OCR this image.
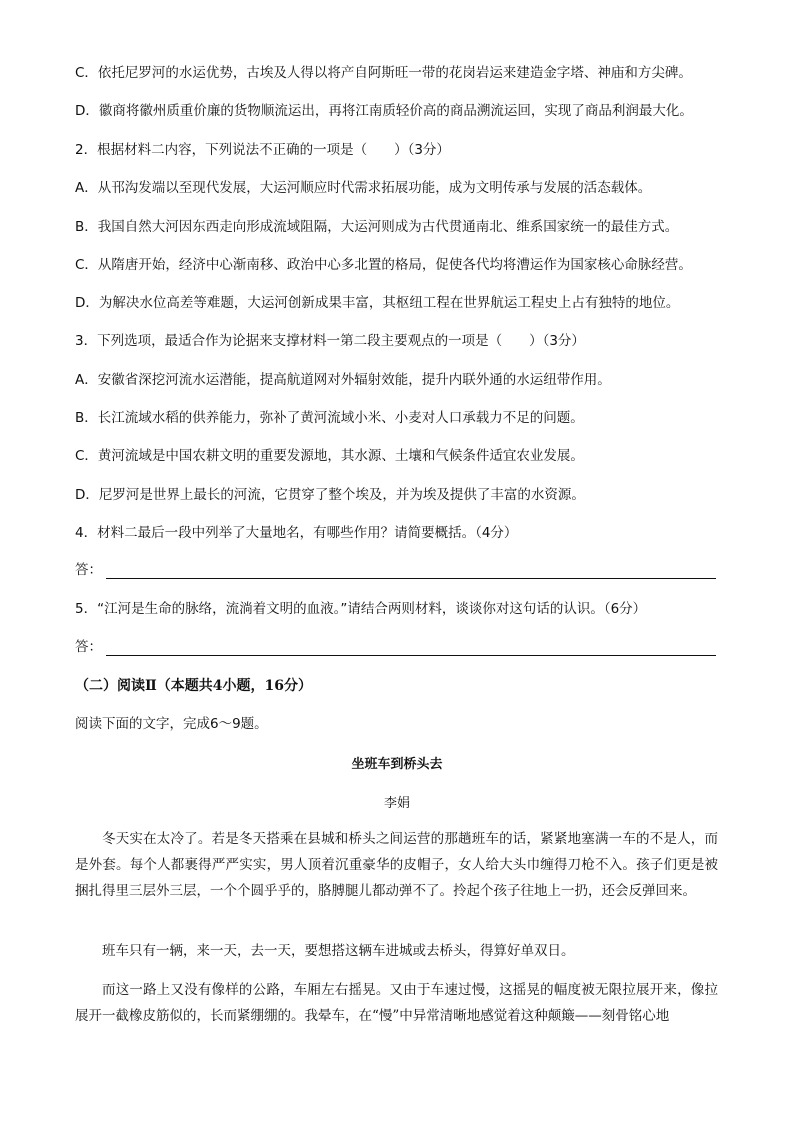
C．依托尼罗河的水运优势，古埃及人得以将产自阿斯旺一带的花岗岩运来建造金字塔、神庙和方尖碑。
D．徽商将徽州质重价廉的货物顺流运出，再将江南质轻价高的商品溯流运回，实现了商品利润最大化。
2．根据材料二内容，下列说法不正确的一项是（　　）（3分）
A．从邗沟发端以至现代发展，大运河顺应时代需求拓展功能，成为文明传承与发展的活态载体。
B．我国自然大河因东西走向形成流域阻隔，大运河则成为古代贯通南北、维系国家统一的最佳方式。
C．从隋唐开始，经济中心渐南移、政治中心多北置的格局，促使各代均将漕运作为国家核心命脉经营。
D．为解决水位高差等难题，大运河创新成果丰富，其枢纽工程在世界航运工程史上占有独特的地位。
3．下列选项，最适合作为论据来支撑材料一第二段主要观点的一项是（　　）（3分）
A．安徽省深挖河流水运潜能，提高航道网对外辐射效能，提升内联外通的水运纽带作用。
B．长江流域水稻的供养能力，弥补了黄河流域小米、小麦对人口承载力不足的问题。
C．黄河流域是中国农耕文明的重要发源地，其水源、土壤和气候条件适宜农业发展。
D．尼罗河是世界上最长的河流，它贯穿了整个埃及，并为埃及提供了丰富的水资源。
4．材料二最后一段中列举了大量地名，有哪些作用？请简要概括。（4分）
答：
5．“江河是生命的脉络，流淌着文明的血液。”请结合两则材料，谈谈你对这句话的认识。（6分）
答：
（二）阅读Ⅱ（本题共4小题，16分）
阅读下面的文字，完成6～9题。
坐班车到桥头去
李娟
冬天实在太冷了。若是冬天搭乘在县城和桥头之间运营的那趟班车的话，紧紧地塞满一车的不是人，而是外套。每个人都裹得严严实实，男人顶着沉重豪华的皮帽子，女人给大头巾缠得刀枪不入。孩子们更是被捆扎得里三层外三层，一个个圆乎乎的，胳膊腿儿都动弹不了。拎起个孩子往地上一扔，还会反弹回来。
班车只有一辆，来一天，去一天，要想搭这辆车进城或去桥头，得算好单双日。
而这一路上又没有像样的公路，车厢左右摇晃。又由于车速过慢，这摇晃的幅度被无限拉展开来，像拉展开一截橡皮筋似的，长而紧绷绷的。我晕车，在“慢”中异常清晰地感觉着这种颠簸——刻骨铭心地
